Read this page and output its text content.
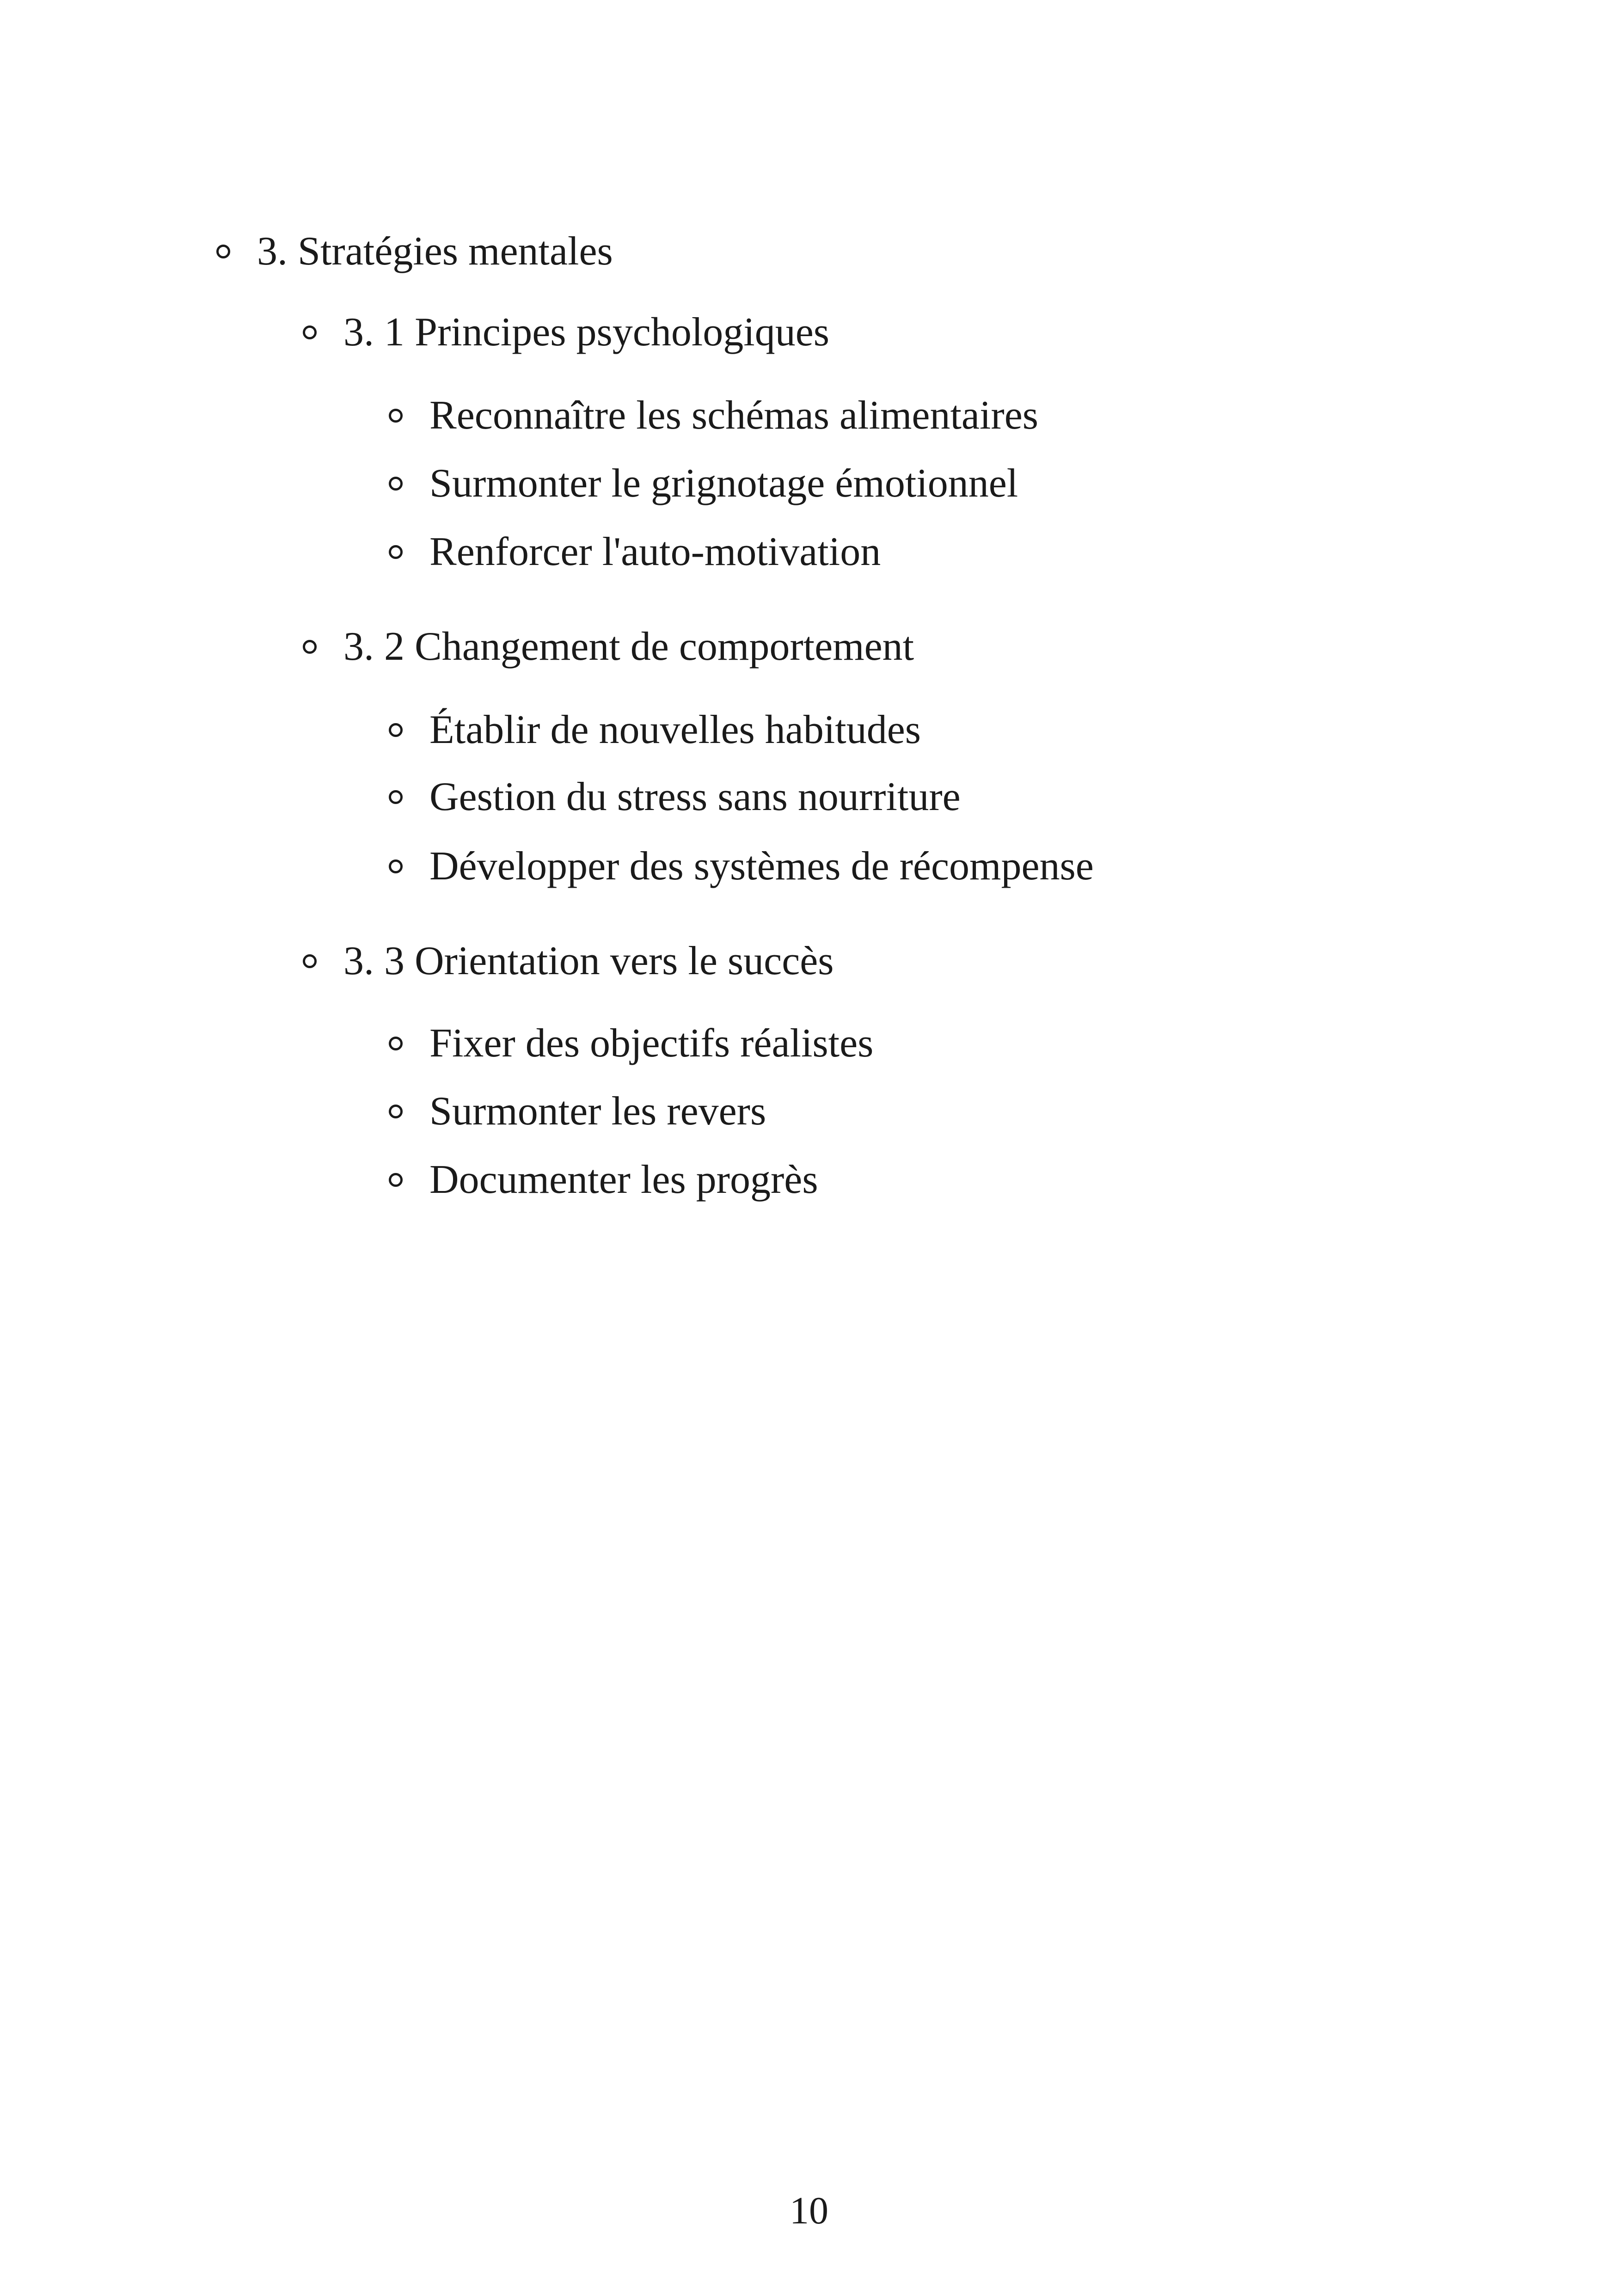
3. Stratégies mentales
3. 1 Principes psychologiques
Reconnaître les schémas alimentaires
Surmonter le grignotage émotionnel
Renforcer l'auto-motivation
3. 2 Changement de comportement
Établir de nouvelles habitudes
Gestion du stress sans nourriture
Développer des systèmes de récompense
3. 3 Orientation vers le succès
Fixer des objectifs réalistes
Surmonter les revers
Documenter les progrès
10
